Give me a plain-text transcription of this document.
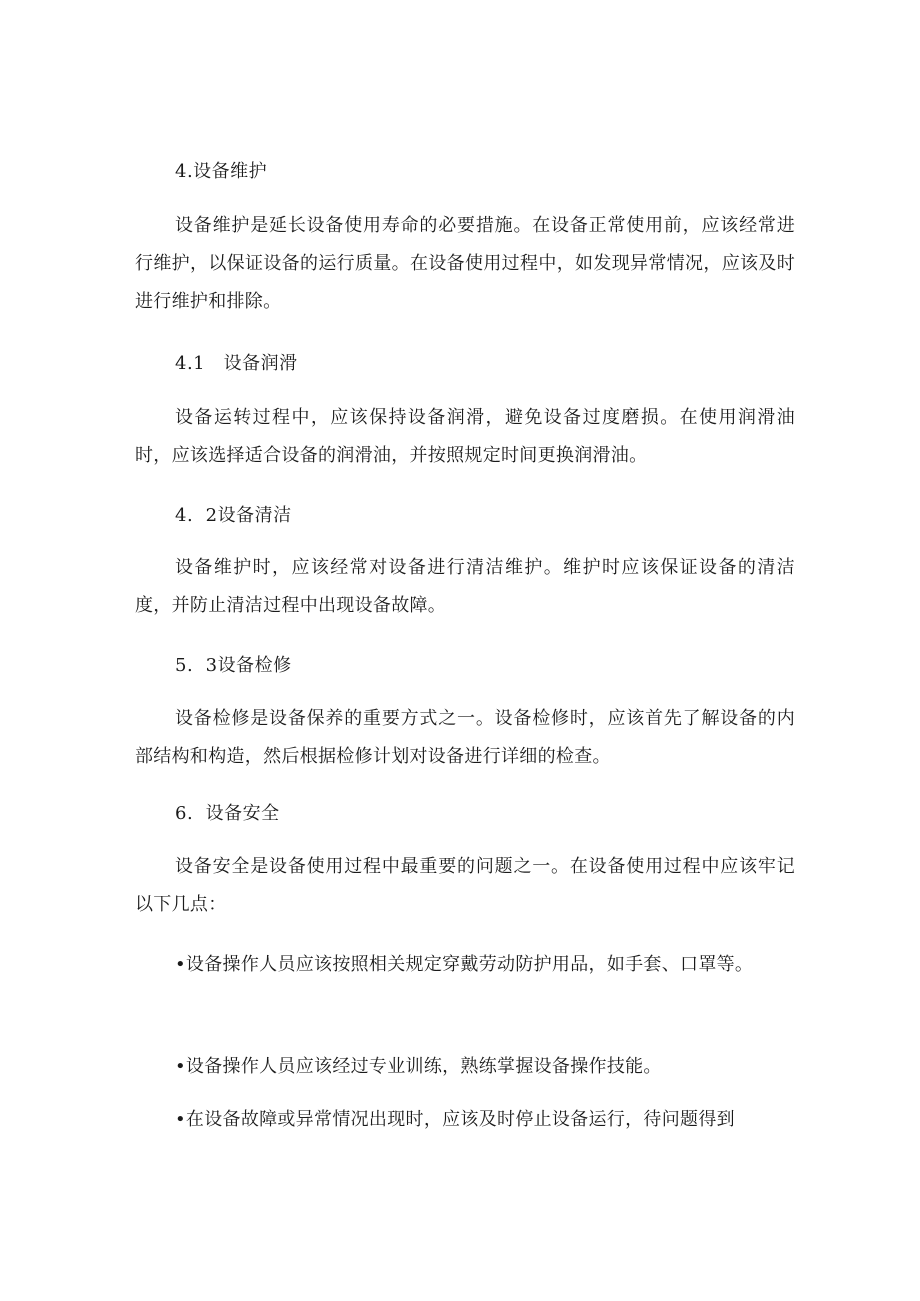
4.设备维护
设备维护是延长设备使用寿命的必要措施。在设备正常使用前，应该经常进行维护，以保证设备的运行质量。在设备使用过程中，如发现异常情况，应该及时进行维护和排除。
4.1　设备润滑
设备运转过程中，应该保持设备润滑，避免设备过度磨损。在使用润滑油时，应该选择适合设备的润滑油，并按照规定时间更换润滑油。
4.  2设备清洁
设备维护时，应该经常对设备进行清洁维护。维护时应该保证设备的清洁度，并防止清洁过程中出现设备故障。
5.  3设备检修
设备检修是设备保养的重要方式之一。设备检修时，应该首先了解设备的内部结构和构造，然后根据检修计划对设备进行详细的检查。
6.  设备安全
设备安全是设备使用过程中最重要的问题之一。在设备使用过程中应该牢记以下几点：
•设备操作人员应该按照相关规定穿戴劳动防护用品，如手套、口罩等。
•设备操作人员应该经过专业训练，熟练掌握设备操作技能。
•在设备故障或异常情况出现时，应该及时停止设备运行，待问题得到
